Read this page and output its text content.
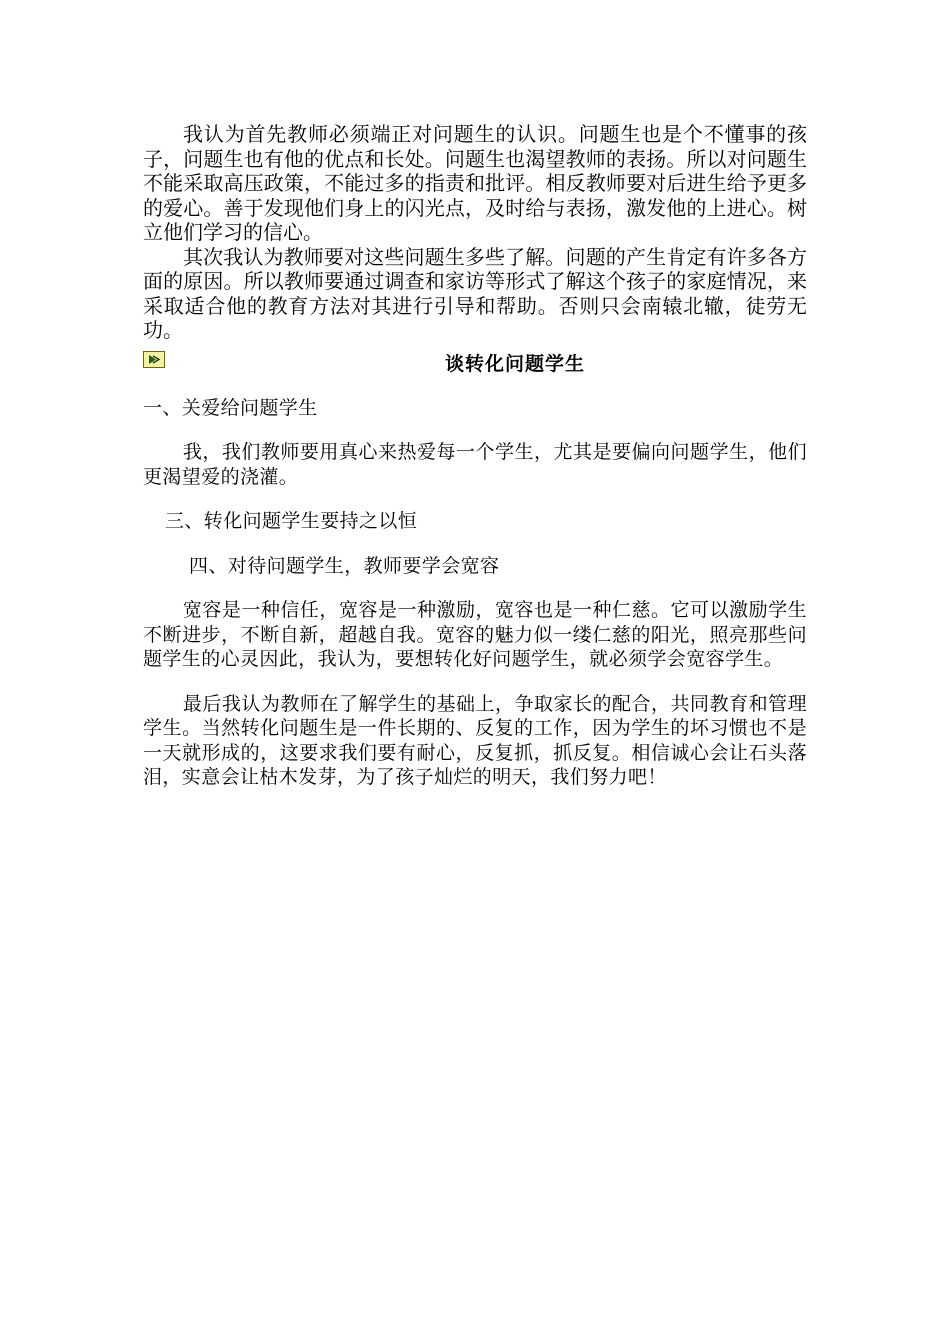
我认为首先教师必须端正对问题生的认识。问题生也是个不懂事的孩子，问题生也有他的优点和长处。问题生也渴望教师的表扬。所以对问题生不能采取高压政策，不能过多的指责和批评。相反教师要对后进生给予更多的爱心。善于发现他们身上的闪光点，及时给与表扬，激发他的上进心。树立他们学习的信心。

其次我认为教师要对这些问题生多些了解。问题的产生肯定有许多各方面的原因。所以教师要通过调查和家访等形式了解这个孩子的家庭情况，来采取适合他的教育方法对其进行引导和帮助。否则只会南辕北辙，徒劳无功。

谈转化问题学生

一、关爱给问题学生

我，我们教师要用真心来热爱每一个学生，尤其是要偏向问题学生，他们更渴望爱的浇灌。

三、转化问题学生要持之以恒

四、对待问题学生，教师要学会宽容

宽容是一种信任，宽容是一种激励，宽容也是一种仁慈。它可以激励学生不断进步，不断自新，超越自我。宽容的魅力似一缕仁慈的阳光，照亮那些问题学生的心灵因此，我认为，要想转化好问题学生，就必须学会宽容学生。

最后我认为教师在了解学生的基础上，争取家长的配合，共同教育和管理学生。当然转化问题生是一件长期的、反复的工作，因为学生的坏习惯也不是一天就形成的，这要求我们要有耐心，反复抓，抓反复。相信诚心会让石头落泪，实意会让枯木发芽，为了孩子灿烂的明天，我们努力吧！
